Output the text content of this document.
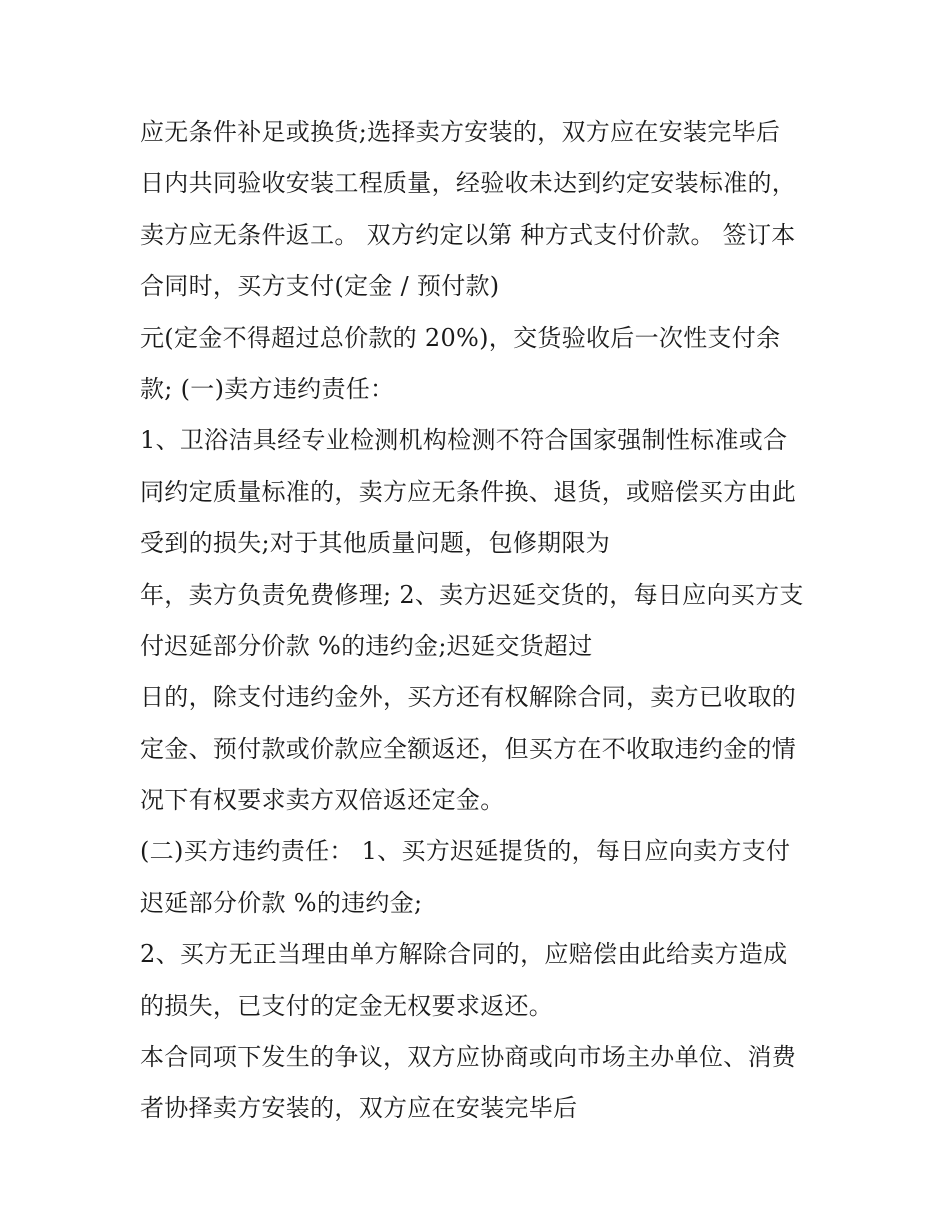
应无条件补足或换货;选择卖方安装的，双方应在安装完毕后
日内共同验收安装工程质量，经验收未达到约定安装标准的，
卖方应无条件返工。 双方约定以第 种方式支付价款。 签订本
合同时，买方支付(定金 / 预付款)
元(定金不得超过总价款的 20%)，交货验收后一次性支付余
款; (一)卖方违约责任：
1、卫浴洁具经专业检测机构检测不符合国家强制性标准或合
同约定质量标准的，卖方应无条件换、退货，或赔偿买方由此
受到的损失;对于其他质量问题，包修期限为
年，卖方负责免费修理; 2、卖方迟延交货的，每日应向买方支
付迟延部分价款 %的违约金;迟延交货超过
日的，除支付违约金外，买方还有权解除合同，卖方已收取的
定金、预付款或价款应全额返还，但买方在不收取违约金的情
况下有权要求卖方双倍返还定金。
(二)买方违约责任： 1、买方迟延提货的，每日应向卖方支付
迟延部分价款 %的违约金;
2、买方无正当理由单方解除合同的，应赔偿由此给卖方造成
的损失，已支付的定金无权要求返还。
本合同项下发生的争议，双方应协商或向市场主办单位、消费
者协择卖方安装的，双方应在安装完毕后
